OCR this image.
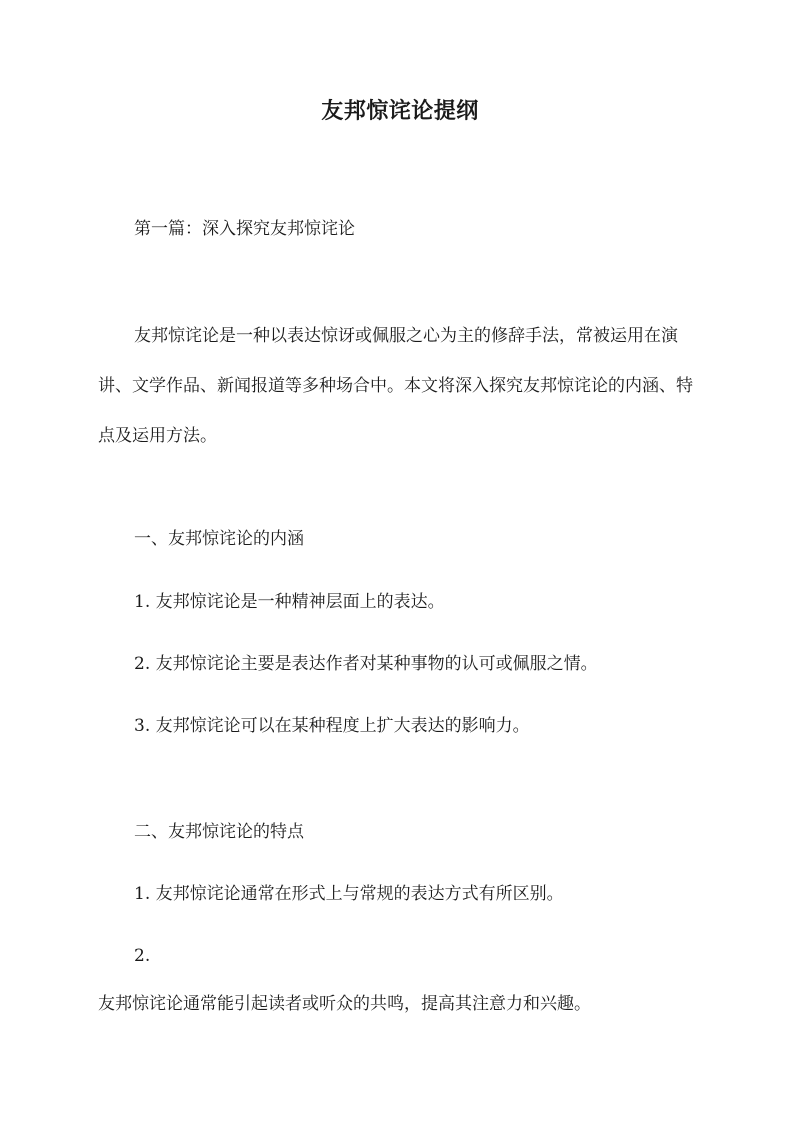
友邦惊诧论提纲
第一篇：深入探究友邦惊诧论

友邦惊诧论是一种以表达惊讶或佩服之心为主的修辞手法，常被运用在演讲、文学作品、新闻报道等多种场合中。本文将深入探究友邦惊诧论的内涵、特点及运用方法。

一、友邦惊诧论的内涵
1. 友邦惊诧论是一种精神层面上的表达。
2. 友邦惊诧论主要是表达作者对某种事物的认可或佩服之情。
3. 友邦惊诧论可以在某种程度上扩大表达的影响力。
二、友邦惊诧论的特点
1. 友邦惊诧论通常在形式上与常规的表达方式有所区别。
2.
友邦惊诧论通常能引起读者或听众的共鸣，提高其注意力和兴趣。
